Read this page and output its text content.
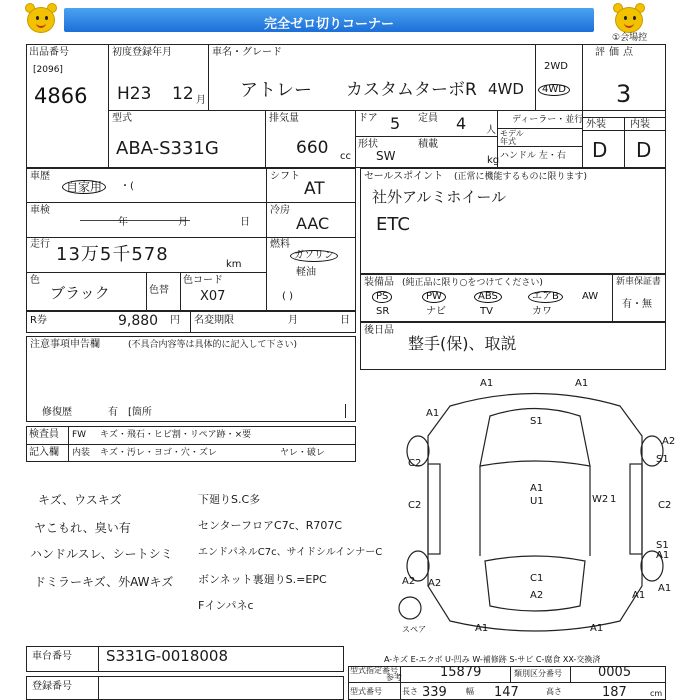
完全ゼロ切りコーナー
①会場控
出品番号
[2096]
4866
初度登録年月
H23 12 月
車名・グレード
アトレー カスタムターボR 4WD
2WD
4WD
評価点
3
型式
ABA-S331G
排気量
660 cc
ドア 5 定員 4 人
形状
SW
積載
kg
ディーラー・並行
モデル年式
ハンドル 左・右
外装 内装
D D
車歴
自家用	・(
シフト
AT
車検
年	月	日
冷房
AAC
走行 13万5千578	km
燃料
ガソリン
軽油
( )
色
ブラック	色替
色コード
X07
R券	9,880 円 名変期限	月	日
注意事項申告欄	(不具合内容等は具体的に記入して下さい)
修復歴	有 [箇所
セールスポイント (正常に機能するものに限ります)
社外アルミホイール
ETC
装備品 (純正品に限り○をつけてください)	新車保証書
PS	PW	ABS	エアB	AW
SR	ナビ	TV	カワ
有・無
後日品
整手(保)、取説
検査員
記入欄
FW キズ・飛石・ヒビ割・リペア跡・×要
内装 キズ・汚レ・ヨゴ・穴・ズレ	ヤレ・破レ
キズ、ウスキズ
ヤこもれ、臭い有
ハンドルスレ、シートシミ
ドミラーキズ、外AWキズ
下廻りS.C多
センターフロアC7c、R707C
エンドパネルC7c、サイドシルインナーC
ボンネット裏廻りS.=EPC
Fインパネc
A1	A1
S1
A1
A2
S1
C2
C2
A1
U1	W2 1
C2
S1
A1
A2	A1
A2
A1
C1
A2	A1
A1
スペア
A-キズ E-エクボ U-凹み W-補修跡 S-サビ C-腐食 XX-交換済
車台番号 S331G-0018008
登録番号
型式指定番号
参考	15879	類別区分番号	0005
型式番号	長さ 339 幅 147	高さ	187	cm
